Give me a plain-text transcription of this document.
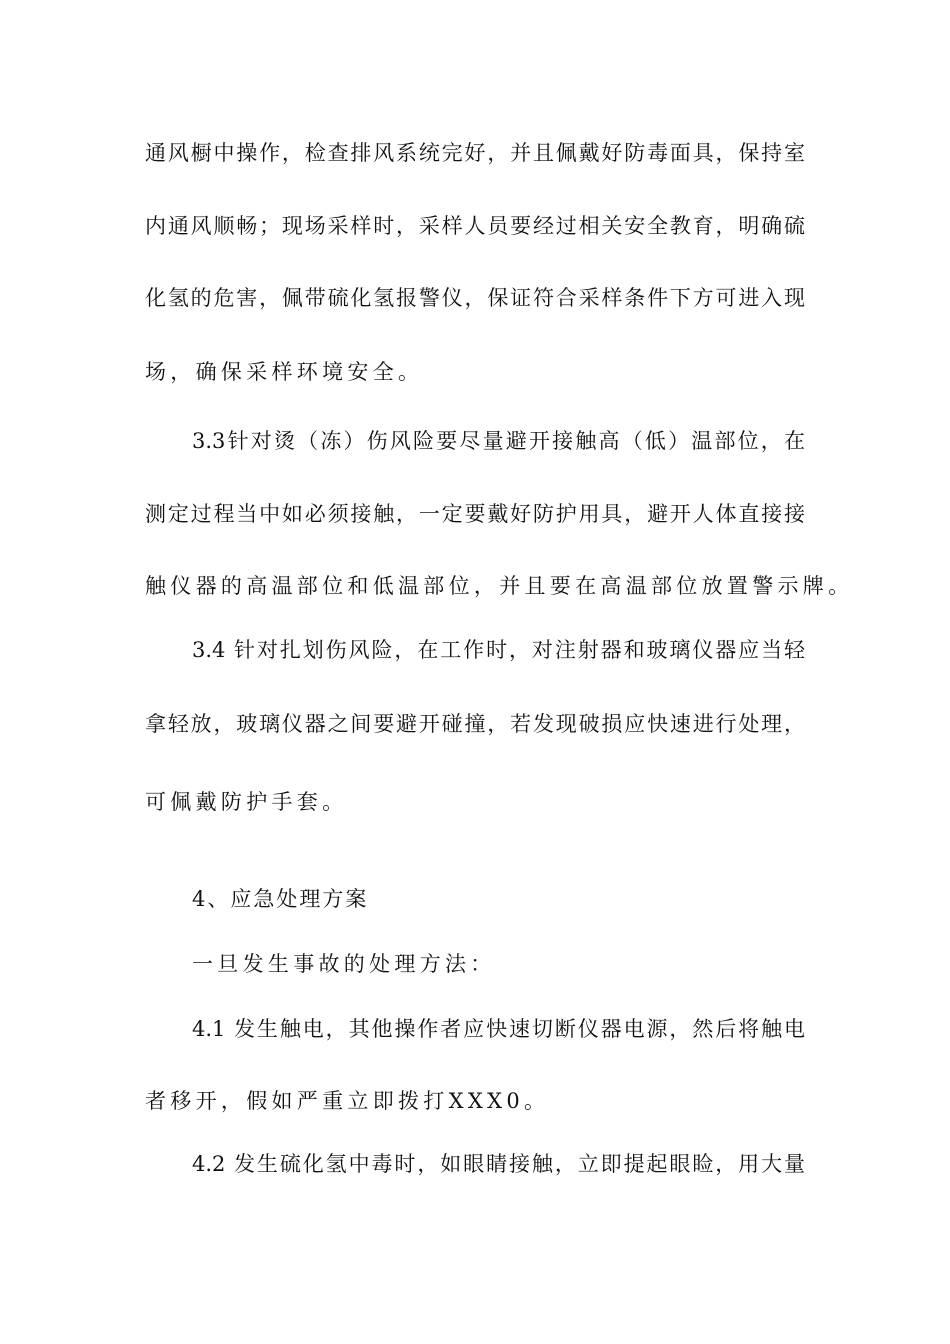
通风橱中操作，检查排风系统完好，并且佩戴好防毒面具，保持室
内通风顺畅；现场采样时，采样人员要经过相关安全教育，明确硫
化氢的危害，佩带硫化氢报警仪，保证符合采样条件下方可进入现
场，确保采样环境安全。
3.3针对烫（冻）伤风险要尽量避开接触高（低）温部位，在
测定过程当中如必须接触，一定要戴好防护用具，避开人体直接接
触仪器的高温部位和低温部位，并且要在高温部位放置警示牌。
3.4 针对扎划伤风险，在工作时，对注射器和玻璃仪器应当轻
拿轻放，玻璃仪器之间要避开碰撞，若发现破损应快速进行处理，
可佩戴防护手套。
4、应急处理方案
一旦发生事故的处理方法：
4.1 发生触电，其他操作者应快速切断仪器电源，然后将触电
者移开，假如严重立即拨打XXX0。
4.2 发生硫化氢中毒时，如眼睛接触，立即提起眼睑，用大量
